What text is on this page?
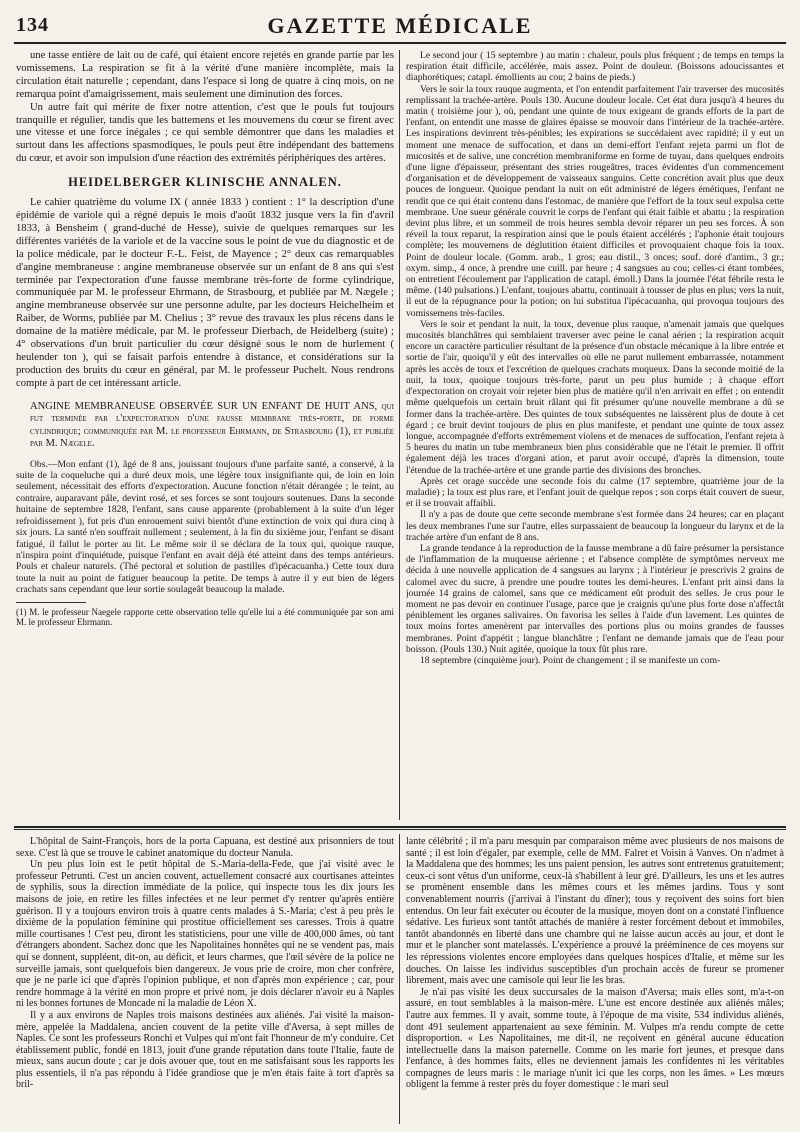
134	GAZETTE MÉDICALE

une tasse entière de lait ou de café, qui étaient encore rejetés en grande partie par les vomissemens. La respiration se fit à la vérité d'une manière incomplète, mais la circulation était naturelle ; cependant, dans l'espace si long de quatre à cinq mois, on ne remarqua point d'amaigrissement, mais seulement une diminution des forces.

Un autre fait qui mérite de fixer notre attention, c'est que le pouls fut toujours tranquille et régulier, tandis que les battemens et les mouvemens du cœur se firent avec une vitesse et une force inégales ; ce qui semble démontrer que dans les maladies et surtout dans les affections spasmodiques, le pouls peut être indépendant des battemens du cœur, et avoir son impulsion d'une réaction des extrémités périphériques des artères.

HEIDELBERGER KLINISCHE ANNALEN.

Le cahier quatrième du volume IX ( année 1833 ) contient : 1° la description d'une épidémie de variole qui a régné depuis le mois d'août 1832 jusque vers la fin d'avril 1833, à Bensheim ( grand-duché de Hesse), suivie de quelques remarques sur les différentes variétés de la variole et de la vaccine sous le point de vue du diagnostic et de la police médicale, par le docteur F.-L. Feist, de Mayence ; 2° deux cas remarquables d'angine membraneuse : angine membraneuse observée sur un enfant de 8 ans qui s'est terminée par l'expectoration d'une fausse membrane très-forte de forme cylindrique, communiquée par M. le professeur Ehrmann, de Strasbourg, et publiée par M. Nægele ; angine membraneuse observée sur une personne adulte, par les docteurs Heichelheim et Raiber, de Worms, publiée par M. Chelius ; 3° revue des travaux les plus récens dans le domaine de la matière médicale, par M. le professeur Dierbach, de Heidelberg (suite) ; 4° observations d'un bruit particulier du cœur désigné sous le nom de hurlement ( heulender ton ), qui se faisait parfois entendre à distance, et considérations sur la production des bruits du cœur en général, par M. le professeur Puchelt. Nous rendrons compte à part de cet intéressant article.

ANGINE MEMBRANEUSE OBSERVÉE SUR UN ENFANT DE HUIT ANS, qui fut terminée par l'expectoration d'une fausse membrane très-forte, de forme cylindrique; communiquée par M. le professeur Ehrmann, de Strasbourg (1), et publiée par M. Nægele.

Obs.—Mon enfant (1), âgé de 8 ans, jouissant toujours d'une parfaite santé, a conservé, à la suite de la coqueluche qui a duré deux mois, une légère toux insignifiante qui, de loin en loin seulement, nécessitait des efforts d'expectoration. Aucune fonction n'était dérangée ; le teint, au contraire, auparavant pâle, devint rosé, et ses forces se sont toujours soutenues. Dans la seconde huitaine de septembre 1828, l'enfant, sans cause apparente (probablement à la suite d'un léger refroidissement ), fut pris d'un enrouement suivi bientôt d'une extinction de voix qui dura cinq à six jours. La santé n'en souffrait nullement ; seulement, à la fin du sixième jour, l'enfant se disant fatigué, il fallut le porter au lit. Le même soir il se déclara de la toux qui, quoique rauque, n'inspira point d'inquiétude, puisque l'enfant en avait déjà été atteint dans des temps antérieurs. Pouls et chaleur naturels. (Thé pectoral et solution de pastilles d'ipécacuanha.) Cette toux dura toute la nuit au point de fatiguer beaucoup la petite. De temps à autre il y eut bien de légers crachats sans cependant que leur sortie soulageât beaucoup la malade.

(1) M. le professeur Naegele rapporte cette observation telle qu'elle lui a été communiquée par son ami M. le professeur Ehrmann.

Le second jour ( 15 septembre ) au matin : chaleur, pouls plus fréquent ; de temps en temps la respiration était difficile, accélérée, mais assez. Point de douleur. (Boissons adoucissantes et diaphorétiques; catapl. émollients au cou; 2 bains de pieds.)

Vers le soir la toux rauque augmenta, et l'on entendit parfaitement l'air traverser des mucosités remplissant la trachée-artère. Pouls 130. Aucune douleur locale. Cet état dura jusqu'à 4 heures du matin ( troisième jour ), où, pendant une quinte de toux exigeant de grands efforts de la part de l'enfant, on entendit une masse de glaires épaisse se mouvoir dans l'intérieur de la trachée-artère. Les inspirations devinrent très-pénibles; les expirations se succédaient avec rapidité; il y eut un moment une menace de suffocation, et dans un demi-effort l'enfant rejeta parmi un flot de mucosités et de salive, une concrétion membraniforme en forme de tuyau, dans quelques endroits d'une ligne d'épaisseur, présentant des stries rougeâtres, traces évidentes d'un commencement d'organisation et de développement de vaisseaux sanguins. Cette concrétion avait plus que deux pouces de longueur. Quoique pendant la nuit on eût administré de légers émétiques, l'enfant ne rendit que ce qui était contenu dans l'estomac, de manière que l'effort de la toux seul expulsa cette membrane. Une sueur générale couvrit le corps de l'enfant qui était faible et abattu ; la respiration devint plus libre, et un sommeil de trois heures sembla devoir réparer un peu ses forces. À son réveil la toux reparut, la respiration ainsi que le pouls étaient accélérés ; l'aphonie était toujours complète; les mouvemens de déglutition étaient difficiles et provoquaient chaque fois la toux. Point de douleur locale. (Gomm. arab., 1 gros; eau distil., 3 onces; souf. doré d'antim., 3 gr.; oxym. simp., 4 once, à prendre une cuill. par heure ; 4 sangsues au cou; celles-ci étant tombées, on entretient l'écoulement par l'application de catapl. émoll.) Dans la journée l'état fébrile resta le même. (140 pulsations.) L'enfant, toujours abattu, continuait à tousser de plus en plus; vers la nuit, il eut de la répugnance pour la potion; on lui substitua l'ipécacuanha, qui provoqua toujours des vomissemens très-faciles.

Vers le soir et pendant la nuit, la toux, devenue plus rauque, n'amenait jamais que quelques mucosités blanchâtres qui semblaient traverser avec peine le canal aérien ; la respiration acquit encore un caractère particulier résultant de la présence d'un obstacle mécanique à la libre entrée et sortie de l'air, quoiqu'il y eût des intervalles où elle ne parut nullement embarrassée, notamment après les accès de toux et l'excrétion de quelques crachats muqueux. Dans la seconde moitié de la nuit, la toux, quoique toujours très-forte, parut un peu plus humide ; à chaque effort d'expectoration on croyait voir rejeter bien plus de matière qu'il n'en arrivait en effet ; on entendit même quelquefois un certain bruit râlant qui fit présumer qu'une nouvelle membrane a dû se former dans la trachée-artère. Des quintes de toux subséquentes ne laissèrent plus de doute à cet égard ; ce bruit devint toujours de plus en plus manifeste, et pendant une quinte de toux assez longue, accompagnée d'efforts extrêmement violens et de menaces de suffocation, l'enfant rejeta à 5 heures du matin un tube membraneux bien plus considérable que ne l'était le premier. Il offrit également déjà les traces d'organi ation, et parut avoir occupé, d'après la dimension, toute l'étendue de la trachée-artère et une grande partie des divisions des bronches.

Après cet orage succède une seconde fois du calme (17 septembre, quatrième jour de la maladie) ; la toux est plus rare, et l'enfant jouit de quelque repos ; son corps était couvert de sueur, et il se trouvait affaibli.

Il n'y a pas de doute que cette seconde membrane s'est formée dans 24 heures; car en plaçant les deux membranes l'une sur l'autre, elles surpassaient de beaucoup la longueur du larynx et de la trachée artère d'un enfant de 8 ans.

La grande tendance à la reproduction de la fausse membrane a dû faire présumer la persistance de l'inflammation de la muqueuse aérienne ; et l'absence complète de symptômes nerveux me décida à une nouvelle application de 4 sangsues au larynx ; à l'intérieur je prescrivis 2 grains de calomel avec du sucre, à prendre une poudre toutes les demi-heures. L'enfant prit ainsi dans la journée 14 grains de calomel, sans que ce médicament eût produit des selles. Je crus pour le moment ne pas devoir en continuer l'usage, parce que je craignis qu'une plus forte dose n'affectât péniblement les organes salivaires. On favorisa les selles à l'aide d'un lavement. Les quintes de toux moins fortes amenèrent par intervalles des portions plus ou moins grandes de fausses membranes. Point d'appétit ; langue blanchâtre ; l'enfant ne demande jamais que de l'eau pour boisson. (Pouls 130.) Nuit agitée, quoique la toux fût plus rare.

18 septembre (cinquième jour). Point de changement ; il se manifeste un com-

L'hôpital de Saint-François, hors de la porta Capuana, est destiné aux prisonniers de tout sexe. C'est là que se trouve le cabinet anatomique du docteur Nanula.

Un peu plus loin est le petit hôpital de S.-Maria-della-Fede, que j'ai visité avec le professeur Petrunti. C'est un ancien couvent, actuellement consacré aux courtisanes atteintes de syphilis, sous la direction immédiate de la police, qui inspecte tous les dix jours les maisons de joie, en retire les filles infectées et ne leur permet d'y rentrer qu'après entière guérison. Il y a toujours environ trois à quatre cents malades à S.-Maria; c'est à peu près le dixième de la population féminine qui prostitue officiellement ses caresses. Trois à quatre mille courtisanes ! C'est peu, diront les statisticiens, pour une ville de 400,000 âmes, où tant d'étrangers abondent. Sachez donc que les Napolitaines honnêtes qui ne se vendent pas, mais qui se donnent, suppléent, dit-on, au déficit, et leurs charmes, que l'œil sévère de la police ne surveille jamais, sont quelquefois bien dangereux. Je vous prie de croire, mon cher confrère, que je ne parle ici que d'après l'opinion publique, et non d'après mon expérience ; car, pour rendre hommage à la vérité en mon propre et privé nom, je dois déclarer n'avoir eu à Naples ni les bonnes fortunes de Moncade ni la maladie de Léon X.

Il y a aux environs de Naples trois maisons destinées aux aliénés. J'ai visité la maison-mère, appelée la Maddalena, ancien couvent de la petite ville d'Aversa, à sept milles de Naples. Ce sont les professeurs Ronchi et Vulpes qui m'ont fait l'honneur de m'y conduire. Cet établissement public, fondé en 1813, jouit d'une grande réputation dans toute l'Italie, faute de mieux, sans aucun doute ; car je dois avouer que, tout en me satisfaisant sous les rapports les plus essentiels, il n'a pas répondu à l'idée grandiose que je m'en étais faite à tort d'après sa bril-

lante célébrité ; il m'a paru mesquin par comparaison même avec plusieurs de nos maisons de santé ; il est loin d'égaler, par exemple, celle de MM. Falret et Voisin à Vanves. On n'admet à la Maddalena que des hommes; les uns paient pension, les autres sont entretenus gratuitement; ceux-ci sont vêtus d'un uniforme, ceux-là s'habillent à leur gré. D'ailleurs, les uns et les autres se promènent ensemble dans les mêmes cours et les mêmes jardins. Tous y sont convenablement nourris (j'arrivai à l'instant du dîner); tous y reçoivent des soins fort bien entendus. On leur fait exécuter ou écouter de la musique, moyen dont on a constaté l'influence sédative. Les furieux sont tantôt attachés de manière à rester forcément debout et immobiles, tantôt abandonnés en liberté dans une chambre qui ne laisse aucun accès au jour, et dont le mur et le plancher sont matelassés. L'expérience a prouvé la prééminence de ces moyens sur les répressions violentes encore employées dans quelques hospices d'Italie, et même sur les douches. On laisse les individus susceptibles d'un prochain accès de fureur se promener librement, mais avec une camisole qui leur lie les bras.

Je n'ai pas visité les deux succursales de la maison d'Aversa; mais elles sont, m'a-t-on assuré, en tout semblables à la maison-mère. L'une est encore destinée aux aliénés mâles; l'autre aux femmes. Il y avait, somme toute, à l'époque de ma visite, 534 individus aliénés, dont 491 seulement appartenaient au sexe féminin. M. Vulpes m'a rendu compte de cette disproportion. « Les Napolitaines, me dit-il, ne reçoivent en général aucune éducation intellectuelle dans la maison paternelle. Comme on les marie fort jeunes, et presque dans l'enfance, à des hommes faits, elles ne deviennent jamais les confidentes ni les véritables compagnes de leurs maris : le mariage n'unit ici que les corps, non les âmes. » Les mœurs obligent la femme à rester près du foyer domestique : le mari seul
